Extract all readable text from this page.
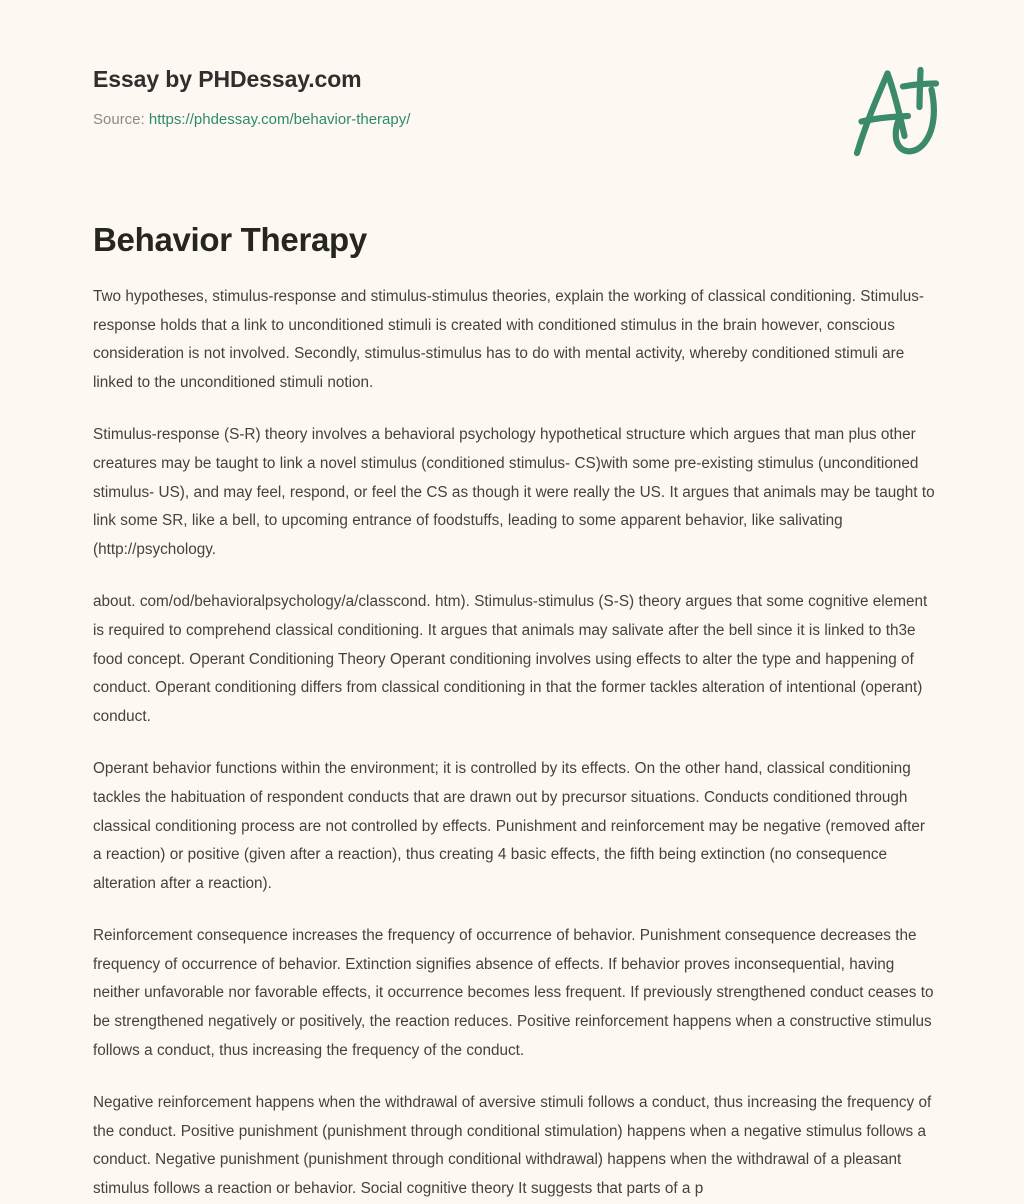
Essay by PHDessay.com
Source: https://phdessay.com/behavior-therapy/
Behavior Therapy

Two hypotheses, stimulus-response and stimulus-stimulus theories, explain the working of classical conditioning. Stimulus-response holds that a link to unconditioned stimuli is created with conditioned stimulus in the brain however, conscious consideration is not involved. Secondly, stimulus-stimulus has to do with mental activity, whereby conditioned stimuli are linked to the unconditioned stimuli notion.

Stimulus-response (S-R) theory involves a behavioral psychology hypothetical structure which argues that man plus other creatures may be taught to link a novel stimulus (conditioned stimulus- CS)with some pre-existing stimulus (unconditioned stimulus- US), and may feel, respond, or feel the CS as though it were really the US. It argues that animals may be taught to link some SR, like a bell, to upcoming entrance of foodstuffs, leading to some apparent behavior, like salivating (http://psychology.

about. com/od/behavioralpsychology/a/classcond. htm). Stimulus-stimulus (S-S) theory argues that some cognitive element is required to comprehend classical conditioning. It argues that animals may salivate after the bell since it is linked to th3e food concept. Operant Conditioning Theory Operant conditioning involves using effects to alter the type and happening of conduct. Operant conditioning differs from classical conditioning in that the former tackles alteration of intentional (operant) conduct.

Operant behavior functions within the environment; it is controlled by its effects. On the other hand, classical conditioning tackles the habituation of respondent conducts that are drawn out by precursor situations. Conducts conditioned through classical conditioning process are not controlled by effects. Punishment and reinforcement may be negative (removed after a reaction) or positive (given after a reaction), thus creating 4 basic effects, the fifth being extinction (no consequence alteration after a reaction).

Reinforcement consequence increases the frequency of occurrence of behavior. Punishment consequence decreases the frequency of occurrence of behavior. Extinction signifies absence of effects. If behavior proves inconsequential, having neither unfavorable nor favorable effects, it occurrence becomes less frequent. If previously strengthened conduct ceases to be strengthened negatively or positively, the reaction reduces. Positive reinforcement happens when a constructive stimulus follows a conduct, thus increasing the frequency of the conduct.

Negative reinforcement happens when the withdrawal of aversive stimuli follows a conduct, thus increasing the frequency of the conduct. Positive punishment (punishment through conditional stimulation) happens when a negative stimulus follows a conduct. Negative punishment (punishment through conditional withdrawal) happens when the withdrawal of a pleasant stimulus follows a reaction or behavior. Social cognitive theory It suggests that parts of a p
